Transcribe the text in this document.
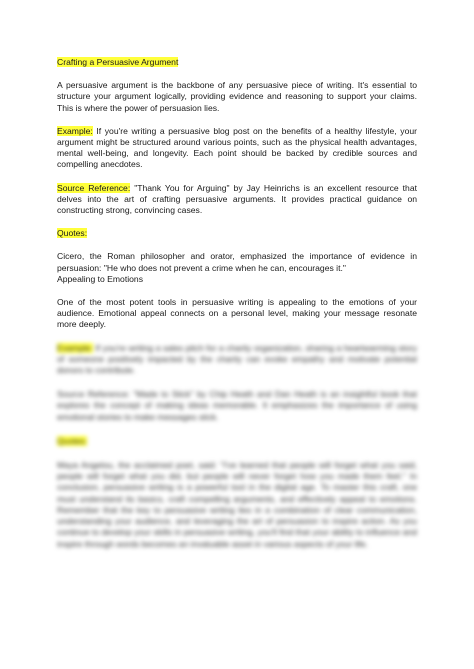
Crafting a Persuasive Argument

A persuasive argument is the backbone of any persuasive piece of writing. It's essential to structure your argument logically, providing evidence and reasoning to support your claims. This is where the power of persuasion lies.

Example: If you're writing a persuasive blog post on the benefits of a healthy lifestyle, your argument might be structured around various points, such as the physical health advantages, mental well-being, and longevity. Each point should be backed by credible sources and compelling anecdotes.

Source Reference: "Thank You for Arguing" by Jay Heinrichs is an excellent resource that delves into the art of crafting persuasive arguments. It provides practical guidance on constructing strong, convincing cases.

Quotes:

Cicero, the Roman philosopher and orator, emphasized the importance of evidence in persuasion: "He who does not prevent a crime when he can, encourages it."

Appealing to Emotions

One of the most potent tools in persuasive writing is appealing to the emotions of your audience. Emotional appeal connects on a personal level, making your message resonate more deeply.

Example: If you're writing a sales pitch for a charity organization, sharing a heartwarming story of someone positively impacted by the charity can evoke empathy and motivate potential donors to contribute.

Source Reference: "Made to Stick" by Chip Heath and Dan Heath is an insightful book that explores the concept of making ideas memorable. It emphasizes the importance of using emotional stories to make messages stick.

Quotes:

Maya Angelou, the acclaimed poet, said: "I've learned that people will forget what you said, people will forget what you did, but people will never forget how you made them feel." In conclusion, persuasive writing is a powerful tool in the digital age. To master this craft, one must understand its basics, craft compelling arguments, and effectively appeal to emotions. Remember that the key to persuasive writing lies in a combination of clear communication, understanding your audience, and leveraging the art of persuasion to inspire action. As you continue to develop your skills in persuasive writing, you'll find that your ability to influence and inspire through words becomes an invaluable asset in various aspects of your life.
